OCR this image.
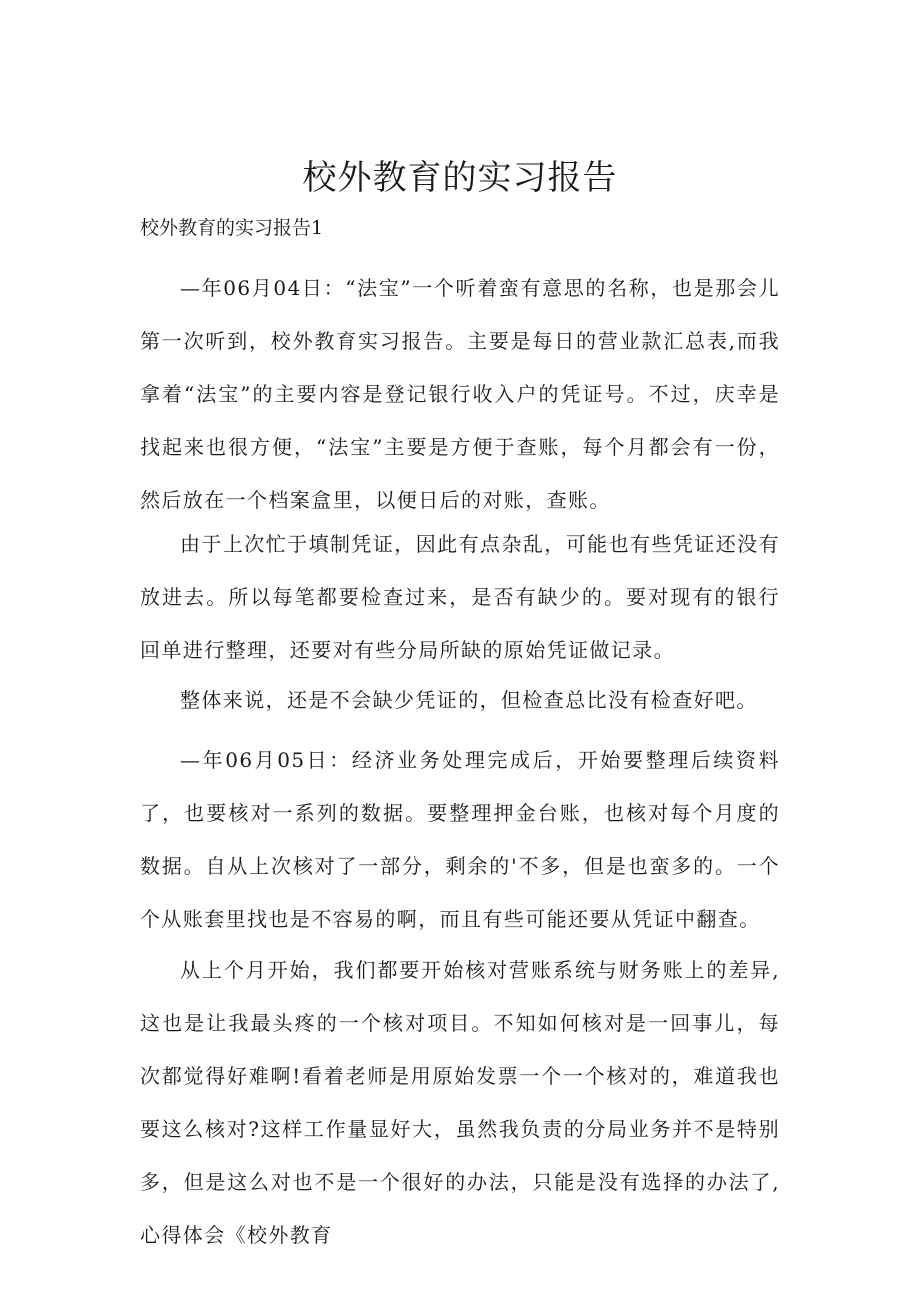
校外教育的实习报告

校外教育的实习报告1

—年06月04日：“法宝”一个听着蛮有意思的名称，也是那会儿第一次听到，校外教育实习报告。主要是每日的营业款汇总表,而我拿着“法宝”的主要内容是登记银行收入户的凭证号。不过，庆幸是找起来也很方便，“法宝”主要是方便于查账，每个月都会有一份，然后放在一个档案盒里，以便日后的对账，查账。

由于上次忙于填制凭证，因此有点杂乱，可能也有些凭证还没有放进去。所以每笔都要检查过来，是否有缺少的。要对现有的银行回单进行整理，还要对有些分局所缺的原始凭证做记录。

整体来说，还是不会缺少凭证的，但检查总比没有检查好吧。

—年06月05日：经济业务处理完成后，开始要整理后续资料了，也要核对一系列的数据。要整理押金台账，也核对每个月度的数据。自从上次核对了一部分，剩余的'不多，但是也蛮多的。一个个从账套里找也是不容易的啊，而且有些可能还要从凭证中翻查。

从上个月开始，我们都要开始核对营账系统与财务账上的差异,这也是让我最头疼的一个核对项目。不知如何核对是一回事儿，每次都觉得好难啊!看着老师是用原始发票一个一个核对的，难道我也要这么核对?这样工作量显好大，虽然我负责的分局业务并不是特别多，但是这么对也不是一个很好的办法，只能是没有选择的办法了,心得体会《校外教育
